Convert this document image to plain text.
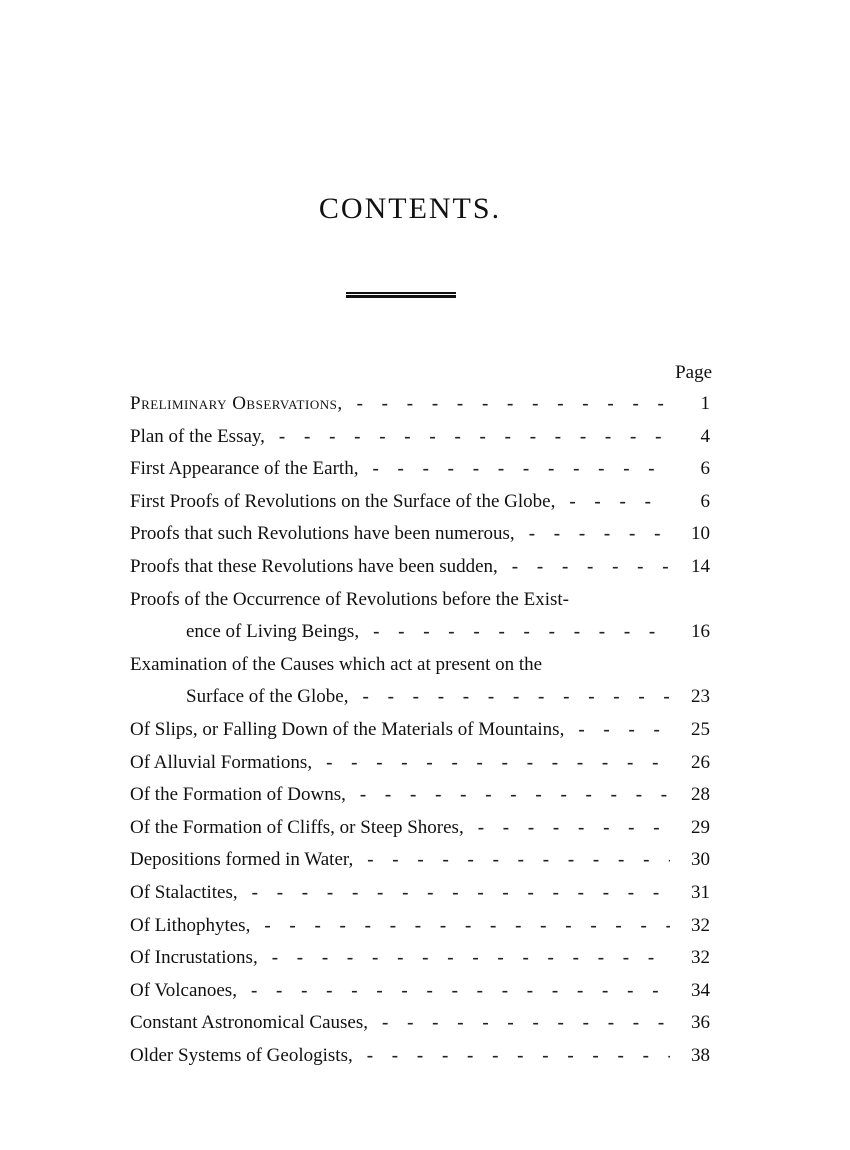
CONTENTS.
Page
Preliminary Observations, - - -	1
Plan of the Essay, - - -	4
First Appearance of the Earth, - - -	6
First Proofs of Revolutions on the Surface of the Globe, - - -	6
Proofs that such Revolutions have been numerous, - - -	10
Proofs that these Revolutions have been sudden, - - -	14
Proofs of the Occurrence of Revolutions before the Exist-
ence of Living Beings, - - -	16
Examination of the Causes which act at present on the
Surface of the Globe, - - -	23
Of Slips, or Falling Down of the Materials of Mountains, - - -	25
Of Alluvial Formations, - - -	26
Of the Formation of Downs, - - -	28
Of the Formation of Cliffs, or Steep Shores, - - -	29
Depositions formed in Water, - - -	30
Of Stalactites, - - -	31
Of Lithophytes, - - -	32
Of Incrustations, - - -	32
Of Volcanoes, - - -	34
Constant Astronomical Causes, - - -	36
Older Systems of Geologists, - - -	38
